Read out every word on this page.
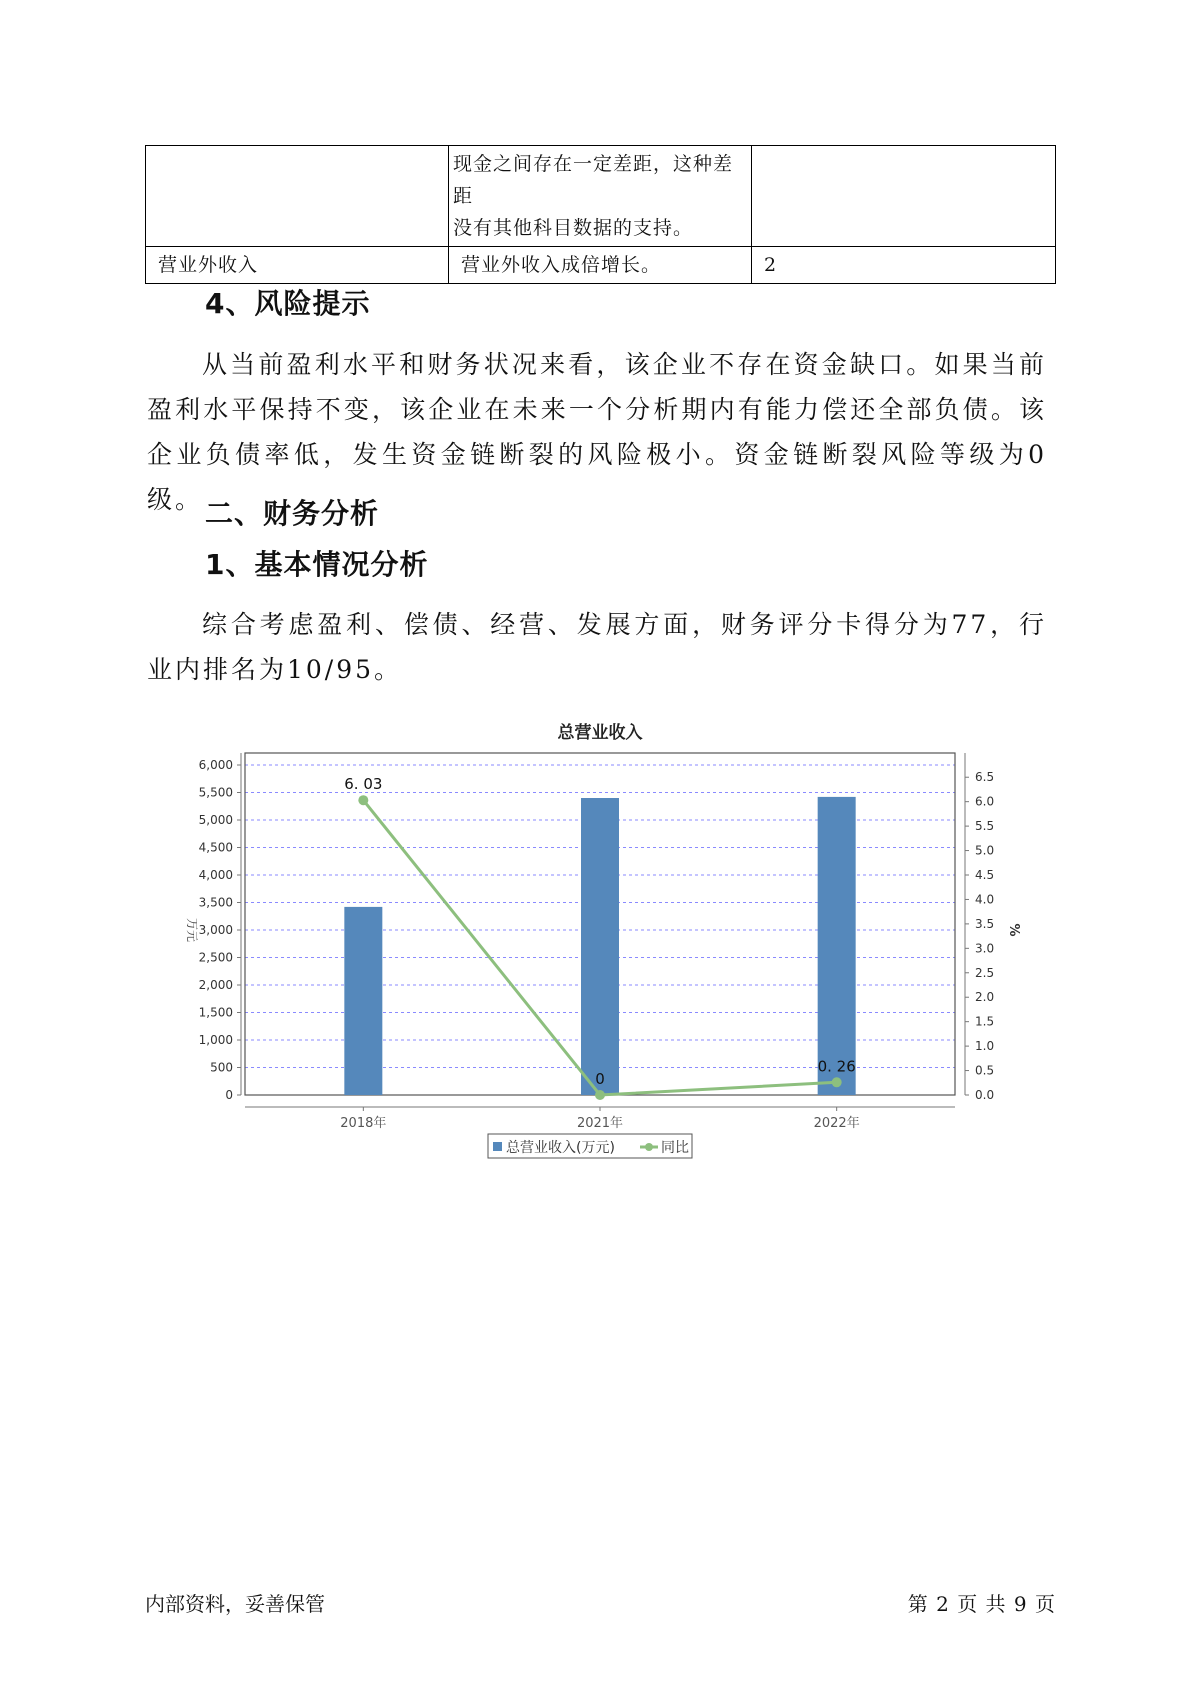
	现金之间存在一定差距，这种差距
没有其他科目数据的支持。	

营业外收入	营业外收入成倍增长。	2
4、风险提示

从当前盈利水平和财务状况来看，该企业不存在资金缺口。如果当前盈利水平保持不变，该企业在未来一个分析期内有能力偿还全部负债。该企业负债率低，发生资金链断裂的风险极小。资金链断裂风险等级为0级。 二、财务分析
1、基本情况分析

综合考虑盈利、偿债、经营、发展方面，财务评分卡得分为77，行业内排名为10/95。

总营业收入
0
500
1,000
1,500
2,000
2,500
3,000
3,500
4,000
4,500
5,000
5,500
6,000
万元
0.0
0.5
1.0
1.5
2.0
2.5
3.0
3.5
4.0
4.5
5.0
5.5
6.0
6.5
%
2018年	2021年	2022年
6. 03
0
0. 26
总营业收入(万元)	同比
内部资料，妥善保管	第 2 页 共 9 页
